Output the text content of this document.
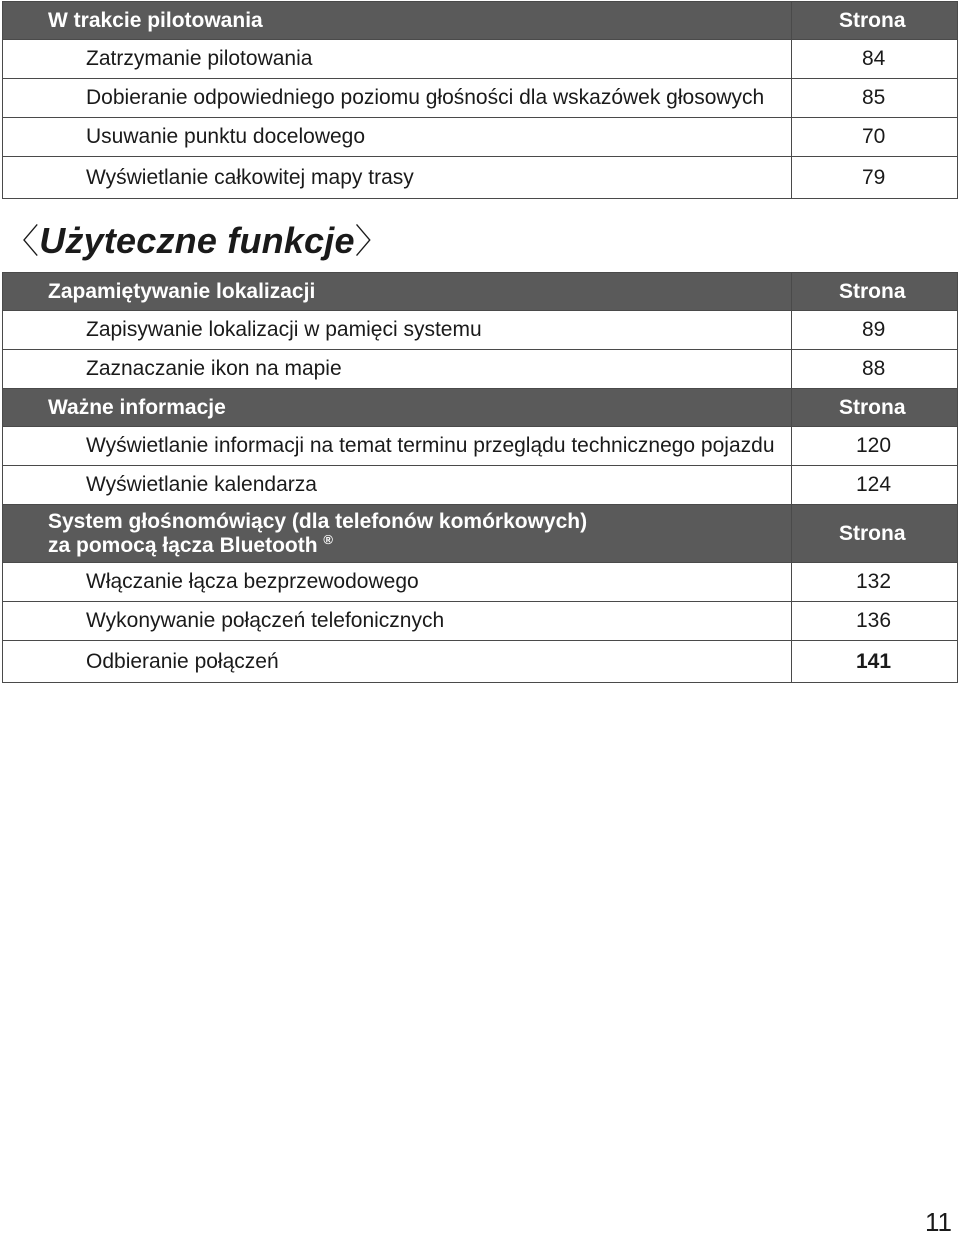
W trakcie pilotowania	Strona
Zatrzymanie pilotowania	84
Dobieranie odpowiedniego poziomu głośności dla wskazówek głosowych	85
Usuwanie punktu docelowego	70
Wyświetlanie całkowitej mapy trasy	79
〈Użyteczne funkcje〉
Zapamiętywanie lokalizacji	Strona
Zapisywanie lokalizacji w pamięci systemu	89
Zaznaczanie ikon na mapie	88
Ważne informacje	Strona
Wyświetlanie informacji na temat terminu przeglądu technicznego pojazdu	120
Wyświetlanie kalendarza	124

System głośnomówiący (dla telefonów komórkowych)
za pomocą łącza Bluetooth ®	Strona
Włączanie łącza bezprzewodowego	132
Wykonywanie połączeń telefonicznych	136
Odbieranie połączeń	141
11
